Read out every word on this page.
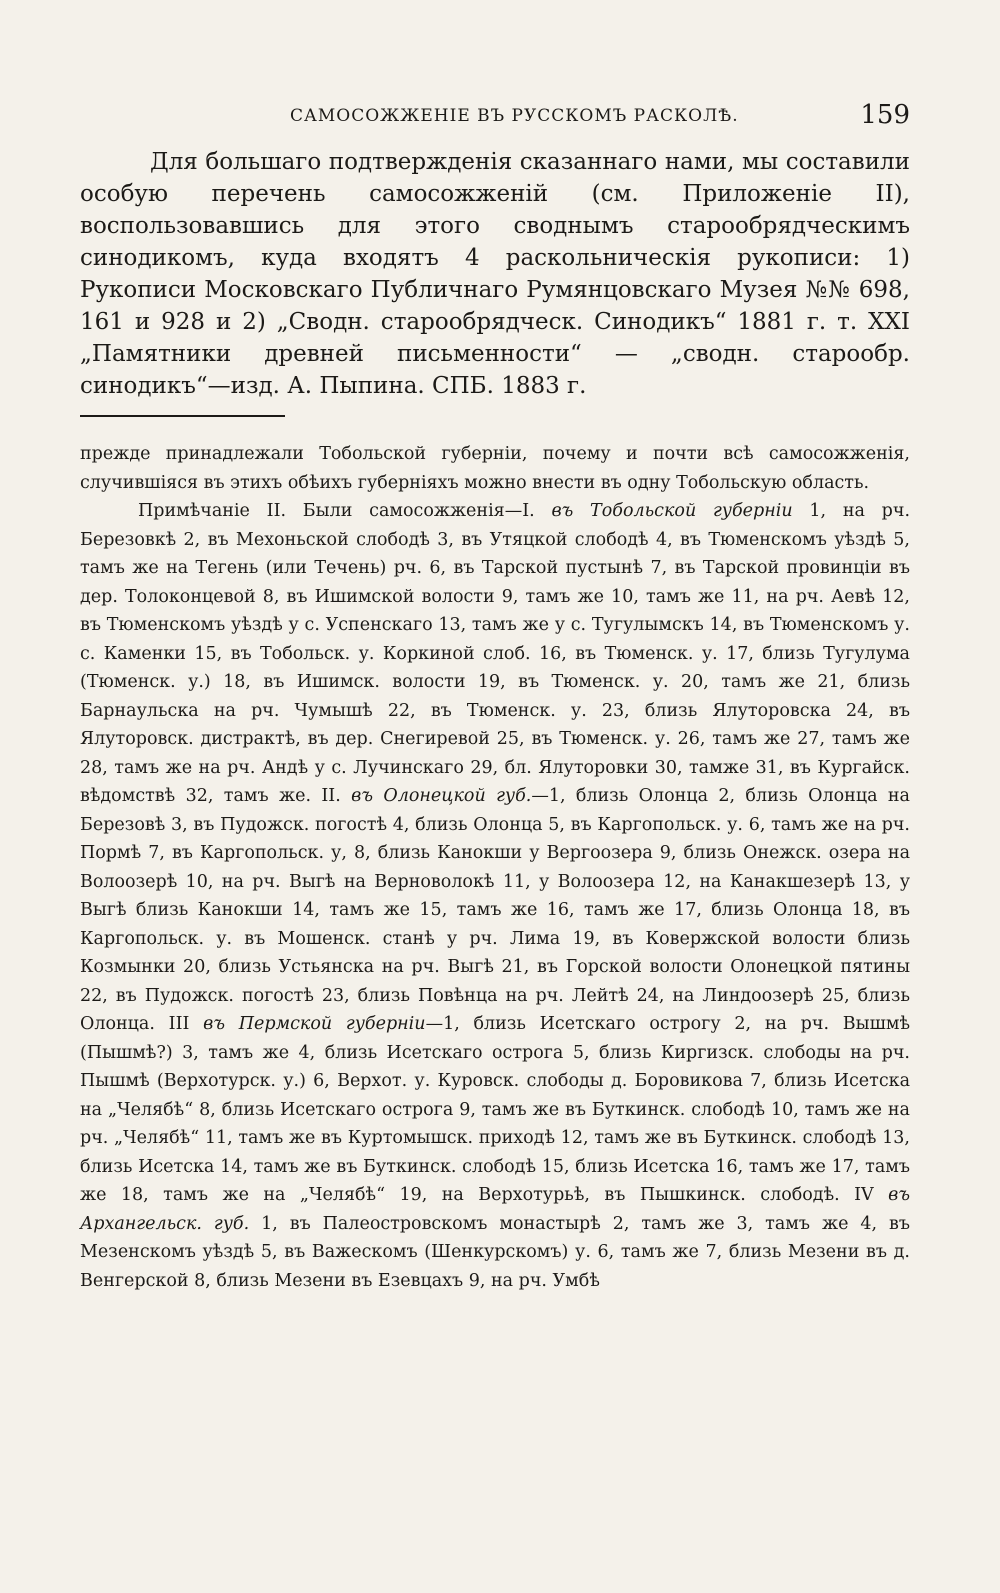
САМОСОЖЖЕНІЕ ВЪ РУССКОМЪ РАСКОЛѢ.	159

Для большаго подтвержденія сказаннаго нами, мы составили особую перечень самосожженій (см. Приложеніе II), воспользовавшись для этого своднымъ старообрядческимъ синодикомъ, куда входятъ 4 раскольническія рукописи: 1) Рукописи Московскаго Публичнаго Румянцовскаго Музея №№ 698, 161 и 928 и 2) „Сводн. старообрядческ. Синодикъ“ 1881 г. т. XXI „Памятники древней письменности“ — „сводн. старообр. синодикъ“—изд. А. Пыпина. СПБ. 1883 г.

прежде принадлежали Тобольской губерніи, почему и почти всѣ самосожженія, случившіяся въ этихъ обѣихъ губерніяхъ можно внести въ одну Тобольскую область.

Примѣчаніе II. Были самосожженія—I. въ Тобольской губерніи 1, на рч. Березовкѣ 2, въ Мехоньской слободѣ 3, въ Утяцкой слободѣ 4, въ Тюменскомъ уѣздѣ 5, тамъ же на Тегень (или Течень) рч. 6, въ Тарской пустынѣ 7, въ Тарской провинціи въ дер. Толоконцевой 8, въ Ишимской волости 9, тамъ же 10, тамъ же 11, на рч. Аевѣ 12, въ Тюменскомъ уѣздѣ у с. Успенскаго 13, тамъ же у с. Тугулымскъ 14, въ Тюменскомъ у. с. Каменки 15, въ Тобольск. у. Коркиной слоб. 16, въ Тюменск. у. 17, близь Тугулума (Тюменск. у.) 18, въ Ишимск. волости 19, въ Тюменск. у. 20, тамъ же 21, близь Барнаульска на рч. Чумышѣ 22, въ Тюменск. у. 23, близь Ялуторовска 24, въ Ялуторовск. дистрактѣ, въ дер. Снегиревой 25, въ Тюменск. у. 26, тамъ же 27, тамъ же 28, тамъ же на рч. Андѣ у с. Лучинскаго 29, бл. Ялуторовки 30, тамже 31, въ Кургайск. вѣдомствѣ 32, тамъ же. II. въ Олонецкой губ.—1, близь Олонца 2, близь Олонца на Березовѣ 3, въ Пудожск. погостѣ 4, близь Олонца 5, въ Каргопольск. у. 6, тамъ же на рч. Пормѣ 7, въ Каргопольск. у, 8, близь Канокши у Вергоозера 9, близь Онежск. озера на Волоозерѣ 10, на рч. Выгѣ на Верноволокѣ 11, у Волоозера 12, на Канакшезерѣ 13, у Выгѣ близь Канокши 14, тамъ же 15, тамъ же 16, тамъ же 17, близь Олонца 18, въ Каргопольск. у. въ Мошенск. станѣ у рч. Лима 19, въ Ковержской волости близь Козмынки 20, близь Устьянска на рч. Выгѣ 21, въ Горской волости Олонецкой пятины 22, въ Пудожск. погостѣ 23, близь Повѣнца на рч. Лейтѣ 24, на Линдоозерѣ 25, близь Олонца. III въ Пермской губерніи—1, близь Исетскаго острогу 2, на рч. Вышмѣ (Пышмѣ?) 3, тамъ же 4, близь Исетскаго острога 5, близь Киргизск. слободы на рч. Пышмѣ (Верхотурск. у.) 6, Верхот. у. Куровск. слободы д. Боровикова 7, близь Исетска на „Челябѣ“ 8, близь Исетскаго острога 9, тамъ же въ Буткинск. слободѣ 10, тамъ же на рч. „Челябѣ“ 11, тамъ же въ Куртомышск. приходѣ 12, тамъ же въ Буткинск. слободѣ 13, близь Исетска 14, тамъ же въ Буткинск. слободѣ 15, близь Исетска 16, тамъ же 17, тамъ же 18, тамъ же на „Челябѣ“ 19, на Верхотурьѣ, въ Пышкинск. слободѣ. IV въ Архангельск. губ. 1, въ Палеостровскомъ монастырѣ 2, тамъ же 3, тамъ же 4, въ Мезенскомъ уѣздѣ 5, въ Важескомъ (Шенкурскомъ) у. 6, тамъ же 7, близь Мезени въ д. Венгерской 8, близь Мезени въ Езевцахъ 9, на рч. Умбѣ
